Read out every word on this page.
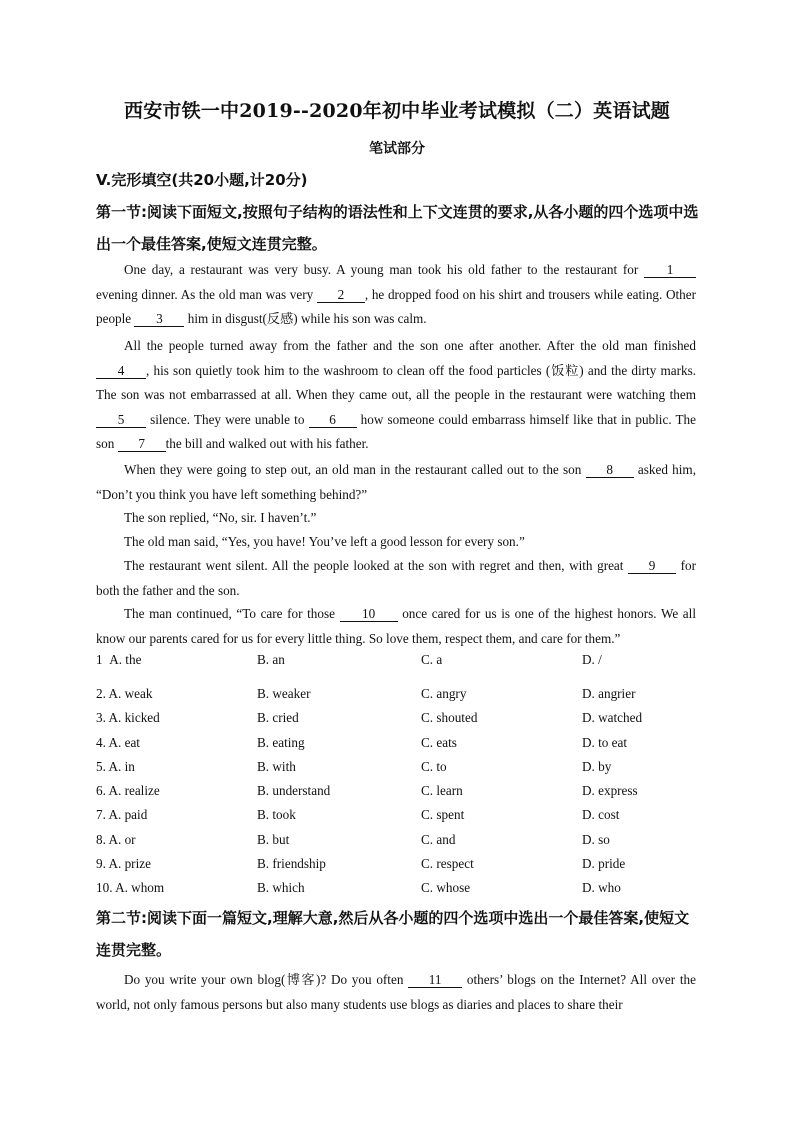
西安市铁一中2019--2020年初中毕业考试模拟（二）英语试题
笔试部分
V.完形填空(共20小题,计20分)
第一节:阅读下面短文,按照句子结构的语法性和上下文连贯的要求,从各小题的四个选项中选出一个最佳答案,使短文连贯完整。
One day, a restaurant was very busy. A young man took his old father to the restaurant for 1 evening dinner. As the old man was very 2 , he dropped food on his shirt and trousers while eating. Other people 3 him in disgust(反感) while his son was calm.
All the people turned away from the father and the son one after another. After the old man finished 4 , his son quietly took him to the washroom to clean off the food particles (饭粒) and the dirty marks. The son was not embarrassed at all. When they came out, all the people in the restaurant were watching them 5 silence. They were unable to 6 how someone could embarrass himself like that in public. The son 7 the bill and walked out with his father.
When they were going to step out, an old man in the restaurant called out to the son 8 asked him, “Don’t you think you have left something behind?”
The son replied, “No, sir. I haven’t.”
The old man said, “Yes, you have! You’ve left a good lesson for every son.”
The restaurant went silent. All the people looked at the son with regret and then, with great 9 for both the father and the son.
The man continued, “To care for those 10 once cared for us is one of the highest honors. We all know our parents cared for us for every little thing. So love them, respect them, and care for them.”
1 A. the	B. an	C. a	D. /
2. A. weak	B. weaker	C. angry	D. angrier
3. A. kicked	B. cried	C. shouted	D. watched
4. A. eat	B. eating	C. eats	D. to eat
5. A. in	B. with	C. to	D. by
6. A. realize	B. understand	C. learn	D. express
7. A. paid	B. took	C. spent	D. cost
8. A. or	B. but	C. and	D. so
9. A. prize	B. friendship	C. respect	D. pride
10. A. whom	B. which	C. whose	D. who
第二节:阅读下面一篇短文,理解大意,然后从各小题的四个选项中选出一个最佳答案,使短文连贯完整。
Do you write your own blog(博客)? Do you often 11 others’ blogs on the Internet? All over the world, not only famous persons but also many students use blogs as diaries and places to share their
